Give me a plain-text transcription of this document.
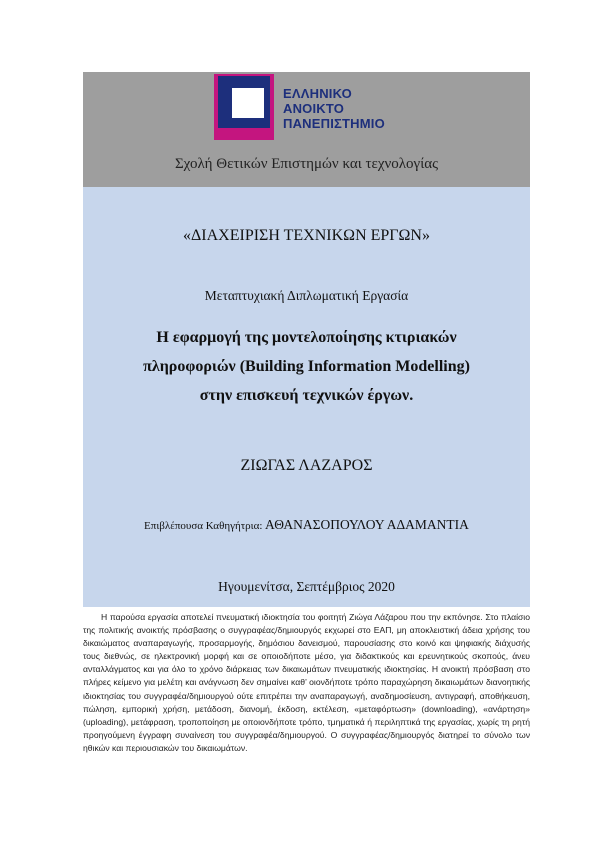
ΕΛΛΗΝΙΚΟ
ΑΝΟΙΚΤΟ
ΠΑΝΕΠΙΣΤΗΜΙΟ
Σχολή Θετικών Επιστημών και τεχνολογίας
«ΔΙΑΧΕΙΡΙΣΗ ΤΕΧΝΙΚΩΝ ΕΡΓΩΝ»
Μεταπτυχιακή Διπλωματική Εργασία
Η εφαρμογή της μοντελοποίησης κτιριακών
πληροφοριών (Building Information Modelling)
στην επισκευή τεχνικών έργων.
ΖΙΩΓΑΣ ΛΑΖΑΡΟΣ
Επιβλέπουσα Καθηγήτρια: ΑΘΑΝΑΣΟΠΟΥΛΟΥ ΑΔΑΜΑΝΤΙΑ
Ηγουμενίτσα, Σεπτέμβριος 2020
Η παρούσα εργασία αποτελεί πνευματική ιδιοκτησία του φοιτητή Ζιώγα Λάζαρου που την εκπόνησε. Στο πλαίσιο της πολιτικής ανοικτής πρόσβασης ο συγγραφέας/δημιουργός εκχωρεί στο ΕΑΠ, μη αποκλειστική άδεια χρήσης του δικαιώματος αναπαραγωγής, προσαρμογής, δημόσιου δανεισμού, παρουσίασης στο κοινό και ψηφιακής διάχυσής τους διεθνώς, σε ηλεκτρονική μορφή και σε οποιοδήποτε μέσο, για διδακτικούς και ερευνητικούς σκοπούς, άνευ ανταλλάγματος και για όλο το χρόνο διάρκειας των δικαιωμάτων πνευματικής ιδιοκτησίας. Η ανοικτή πρόσβαση στο πλήρες κείμενο για μελέτη και ανάγνωση δεν σημαίνει καθ’ οιονδήποτε τρόπο παραχώρηση δικαιωμάτων διανοητικής ιδιοκτησίας του συγγραφέα/δημιουργού ούτε επιτρέπει την αναπαραγωγή, αναδημοσίευση, αντιγραφή, αποθήκευση, πώληση, εμπορική χρήση, μετάδοση, διανομή, έκδοση, εκτέλεση, «μεταφόρτωση» (downloading), «ανάρτηση» (uploading), μετάφραση, τροποποίηση με οποιονδήποτε τρόπο, τμηματικά ή περιληπτικά της εργασίας, χωρίς τη ρητή προηγούμενη έγγραφη συναίνεση του συγγραφέα/δημιουργού. Ο συγγραφέας/δημιουργός διατηρεί το σύνολο των ηθικών και περιουσιακών του δικαιωμάτων.
